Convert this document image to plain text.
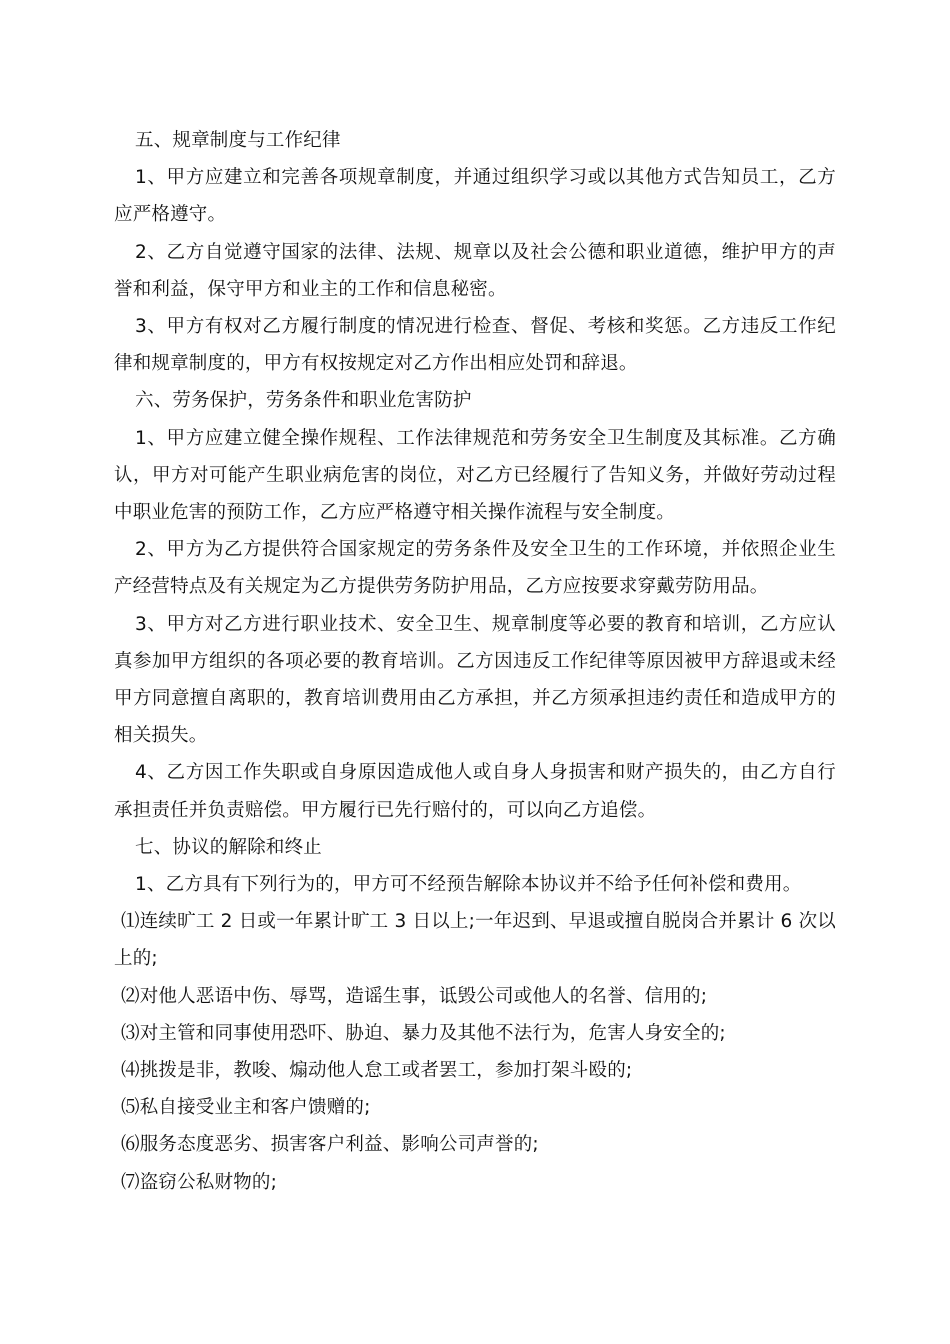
五、规章制度与工作纪律

1、甲方应建立和完善各项规章制度，并通过组织学习或以其他方式告知员工，乙方应严格遵守。

2、乙方自觉遵守国家的法律、法规、规章以及社会公德和职业道德，维护甲方的声誉和利益，保守甲方和业主的工作和信息秘密。

3、甲方有权对乙方履行制度的情况进行检查、督促、考核和奖惩。乙方违反工作纪律和规章制度的，甲方有权按规定对乙方作出相应处罚和辞退。

六、劳务保护，劳务条件和职业危害防护

1、甲方应建立健全操作规程、工作法律规范和劳务安全卫生制度及其标准。乙方确认，甲方对可能产生职业病危害的岗位，对乙方已经履行了告知义务，并做好劳动过程中职业危害的预防工作，乙方应严格遵守相关操作流程与安全制度。

2、甲方为乙方提供符合国家规定的劳务条件及安全卫生的工作环境，并依照企业生产经营特点及有关规定为乙方提供劳务防护用品，乙方应按要求穿戴劳防用品。

3、甲方对乙方进行职业技术、安全卫生、规章制度等必要的教育和培训，乙方应认真参加甲方组织的各项必要的教育培训。乙方因违反工作纪律等原因被甲方辞退或未经甲方同意擅自离职的，教育培训费用由乙方承担，并乙方须承担违约责任和造成甲方的相关损失。

4、乙方因工作失职或自身原因造成他人或自身人身损害和财产损失的，由乙方自行承担责任并负责赔偿。甲方履行已先行赔付的，可以向乙方追偿。

七、协议的解除和终止

1、乙方具有下列行为的，甲方可不经预告解除本协议并不给予任何补偿和费用。

⑴连续旷工 2 日或一年累计旷工 3 日以上;一年迟到、早退或擅自脱岗合并累计 6 次以上的;

⑵对他人恶语中伤、辱骂，造谣生事，诋毁公司或他人的名誉、信用的;

⑶对主管和同事使用恐吓、胁迫、暴力及其他不法行为，危害人身安全的;

⑷挑拨是非，教唆、煽动他人怠工或者罢工，参加打架斗殴的;

⑸私自接受业主和客户馈赠的;

⑹服务态度恶劣、损害客户利益、影响公司声誉的;

⑺盗窃公私财物的;
